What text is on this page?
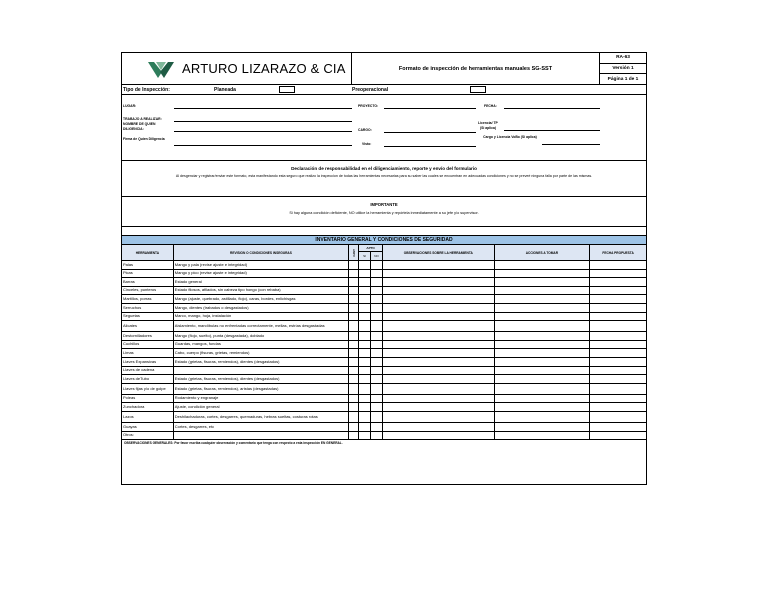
ARTURO LIZARAZO & CIA	Formato de inspección de herramientas manuales SG-SST
RA-63
Versión 1
Página 1 de 1
Tipo de Inspección:	Planeada	Preoperacional
LUGAR:	PROYECTO:	FECHA:
TRABAJO A REALIZAR:
NOMBRE DE QUIEN DILIGENCIA:	CARGO:
Licencia/ TP
(Si aplica)
Firma de Quien Diligencia
Visto:
Cargo y Licencia VoBo (Si aplica)
Declaración de responsabilidad en el diligenciamiento, reporte y envío del formulario
Al desgenciar y registrar/enviar este formato, esta manifestando esta seguro que realizo la inspeccion de todas las herramientas necesarias para su saber las cuales se encuentran en adecuadas condiciones y no se preveé ninguna falla por parte de las mismas.
IMPORTANTE
Si hay alguna condición deficiente, NO utilice la herramienta y repórtela inmediatamente a su jefe y/o supervisor.
INVENTARIO GENERAL Y CONDICIONES DE SEGURIDAD
HERRAMIENTA	REVISION O CONDICIONES INSEGURAS	CANT
APTO
SI	NO
OBSERVACIONES SOBRE LA HERRAMIENTA	ACCIONES A TOMAR	FECHA PROPUESTA
Palas	Mango y pala (revise ajuste e integridad)
Picas	Mango y pico (revise ajuste e integridad)
Barras	Estado general
Cinceles, punteros	Estado filosos, afilados, sin cabeza tipo hongo (con rebaba)
Martillos, porras	Mango (ajuste, quebrado, astillado, flojo), caras, bordes, enlichisgas
Serruchos	Mango, dientes (trabados o desgastados)
Seguetas	Marco, mango, hoja, instalación
Alicates	Aislamiento, mandíbulas no enfrentadas correctamente, mellas, estrías desgastadas
Destornilladores	Mango (flojo, suelto), punta (desgastada), doblado
Cuchillos	Guardas, mangos, fundas
Limas	Cabo, cuerpo (fisuras, grietas, remiendos)
Llaves Expansivas	Estado (grietas, fisuras, remiendos), dientes (desgastados)
Llaves de cadena
Llaves deTubo	Estado (grietas, fisuras, remiendos), dientes (desgastados)
Llaves fijas y/o de golpe	Estado (grietas, fisuras, remiendos), aristas (desgastadas)
Poleas	Rodamiento y engranaje
Zunchadora	Ajuste, condición general
Lazos	Deshilachaduras, cortes, desgarres, quemaduras, hebras sueltas, costuras rotas
Guayas	Cortes, desgarres, etc
Otros:
OBSERVACIONES GENERALES: Por favor escriba cualquier observación y comentario que tenga con respecto a esta inspección EN GENERAL.
